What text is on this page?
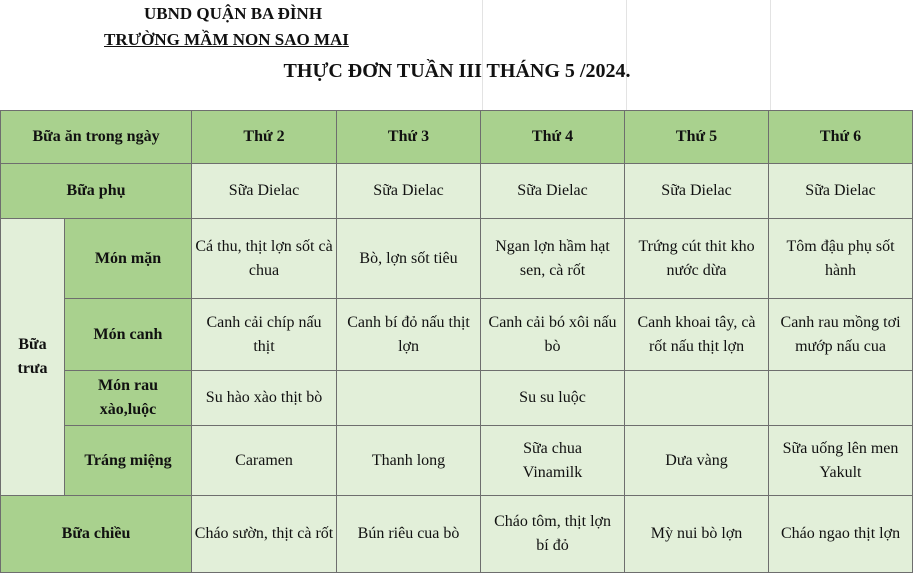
UBND QUẬN BA ĐÌNH
TRƯỜNG MẦM NON SAO MAI
THỰC ĐƠN TUẦN III THÁNG 5 /2024.
Bữa ăn trong ngày		Thứ 2	Thứ 3	Thứ 4	Thứ 5	Thứ 6
Bữa phụ		Sữa Dielac	Sữa Dielac	Sữa Dielac	Sữa Dielac	Sữa Dielac
Bữa trưa	Món mặn	Cá thu, thịt lợn sốt cà chua	Bò, lợn sốt tiêu	Ngan lợn hầm hạt sen, cà rốt	Trứng cút thit kho nước dừa	Tôm đậu phụ sốt hành
	Món canh	Canh cải chíp nấu thịt	Canh bí đỏ nấu thịt lợn	Canh cải bó xôi nấu bò	Canh khoai tây, cà rốt nấu thịt lợn	Canh rau mồng tơi mướp nấu cua
	Món rau xào,luộc	Su hào xào thịt bò		Su su luộc		
	Tráng miệng	Caramen	Thanh long	Sữa chua Vinamilk	Dưa vàng	Sữa uống lên men Yakult
Bữa chiều		Cháo sườn, thịt cà rốt	Bún riêu cua bò	Cháo tôm, thịt lợn bí đỏ	Mỳ nui bò lợn	Cháo ngao thịt lợn
